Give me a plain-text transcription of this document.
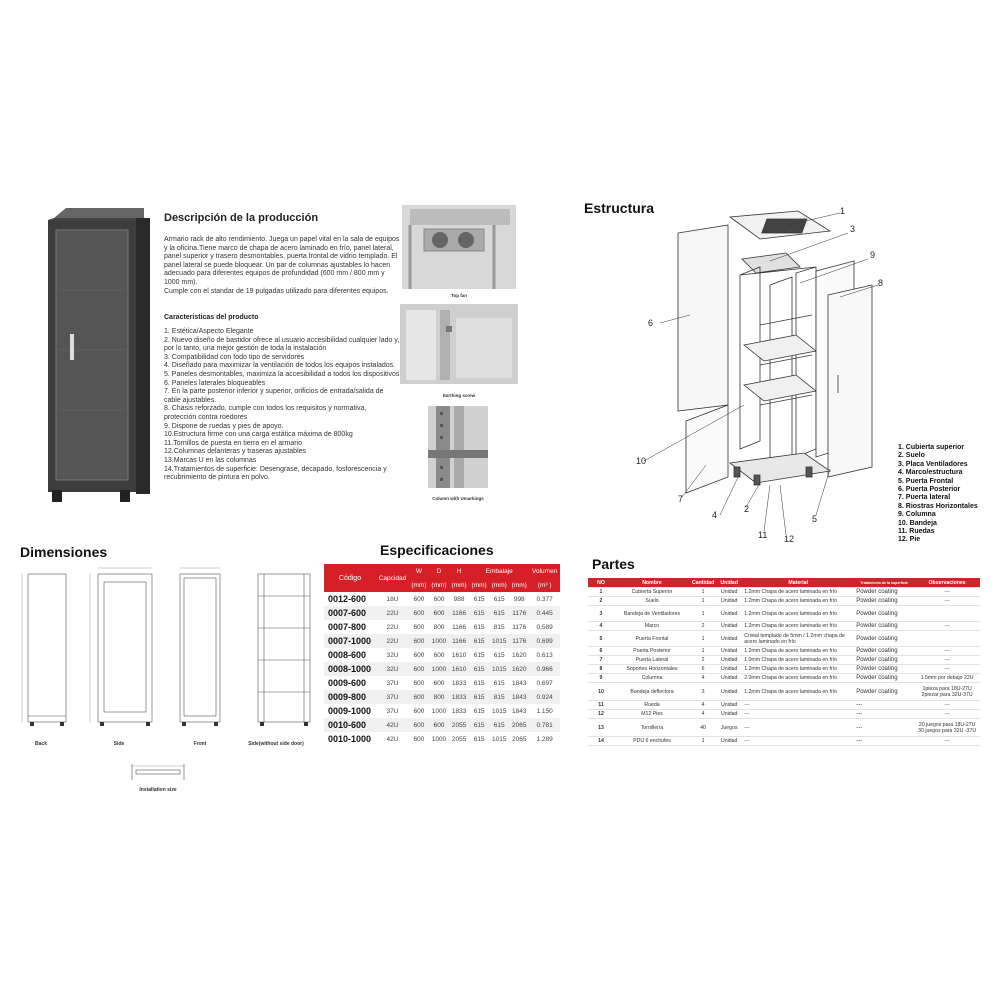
Descripción de la producción
Armario rack de alto rendimiento. Juega un papel vital en la sala de equipos y la oficina.Tiene marco de chapa de acero laminado en frío, panel lateral, panel superior y trasero desmontables, puerta frontal de vidrio templado. El panel lateral se puede bloquear. Un par de columnas ajustables lo hacen adecuado para diferentes equipos de profundidad (600 mm / 800 mm y 1000 mm).
Cumple con el standar de 19 pulgadas utilizado para diferentes equipos.
Caracteristicas del producto
1. Estética/Aspecto Elegante
2. Nuevo diseño de bastidor ofrece al usuario accesibilidad cualquier lado y, por lo tanto, una mejor gestión de toda la instalación
3. Compatibilidad con todo tipo de servidores
4. Diseñado para maximizar la ventilación de todos los equipos instalados.
5. Paneles desmontables, maximiza la accesibilidad a todos los dispositivos
6. Paneles laterales bloqueables
7. En la parte posterior inferior y superior, orificios de entrada/salida de cable ajustables.
8. Chasis reforzado, cumple con todos los requisitos y normativa, protección contra roedores
9. Dispone de ruedas y pies de apoyo.
10.Estructura firme con una carga estática máxima de 800kg
11.Tornillos de puesta en tierra en el armario
12.Columnas delanteras y traseras ajustables
13.Marcas U en las columnas
14.Tratamientos de superficie: Desengrase, decapado, fosforescencia y recubrimiento de pintura en polvo.
Top fan
Earthing screw
Column with Umarkings
Estructura	1
3
9
8
6
10
7
4
2
11 12
5
1. Cubierta superior
2. Suelo
3. Placa Ventiladores
4. Marco/estructura
5. Puerta Frontal
6. Puerta Posterior
7. Puerta lateral
8. Riostras Horizontales
9. Columna
10. Bandeja
11. Ruedas
12. Pie
Dimensiones
Back	Side	Front	Side(without side door)
Installation size
Especificaciones
Código	Capcidad	W	D	H	Embalaje			Volumen
		(mm)	(mm)	(mm)	(mm)	(mm)	(mm)	(m³ )
0012-600	18U	600	600	988	615	615	998	0.377
0007-600	22U	600	600	1166	615	615	1176	0.445
0007-800	22U	600	800	1166	615	815	1176	0.589
0007-1000	22U	600	1000	1166	615	1015	1176	0.699
0008-600	32U	600	600	1610	615	615	1620	0.613
0008-1000	32U	600	1000	1610	615	1015	1620	0.966
0009-600	37U	600	600	1833	615	615	1843	0.697
0009-800	37U	600	800	1833	615	815	1843	0.924
0009-1000	37U	600	1000	1833	615	1015	1843	1.150
0010-600	42U	600	600	2055	615	615	2065	0.781
0010-1000	42U	600	1000	2055	615	1015	2065	1.289
Partes
NO	Nombre	Cantidad	Unidad	Material	Tratamiento de la superficie	Observaciones
1	Cubierta Superior	1	Unidad	1.2mm Chapa de acero laminada en frío	Powder coating	---
2	Suelo	1	Unidad	1.2mm Chapa de acero laminada en frío	Powder coating	---
3	Bandeja de Ventiladores	1	Unidad	1.2mm Chapa de acero laminada en frío	Powder coating	
4	Marco	2	Unidad	1.2mm Chapa de acero laminada en frío	Powder coating	---
5	Puerta Frontal	1	Unidad	Cristal templado de 5mm / 1.2mm chapa de acero laminado en frío	Powder coating	
6	Puerta Posterior	1	Unidad	1.2mm Chapa de acero laminada en frío	Powder coating	---
7	Puerta Lateral	2	Unidad	1.0mm Chapa de acero laminada en frío	Powder coating	---
8	Soportes Horizontales	6	Unidad	1.2mm Chapa de acero laminada en frío	Powder coating	---
9	Columna	4	Unidad	2.0mm Chapa de acero laminada en frío	Powder coating	1.5mm por debajo 22U
10	Bandeja deflectora	3	Unidad	1.2mm Chapa de acero laminada en frío	Powder coating	1pieza para 18U-27U 2piezar para 32U-37U
11	Rueda	4	Unidad	---	---	---
12	M12 Pies	4	Unidad	---	---	---
13	Tornillería	40	Juegos	---	---	20 juegos para 18U-27U 30 juegos para 32U -37U
14	PDU 6 enchufes	1	Unidad	---	---	---
